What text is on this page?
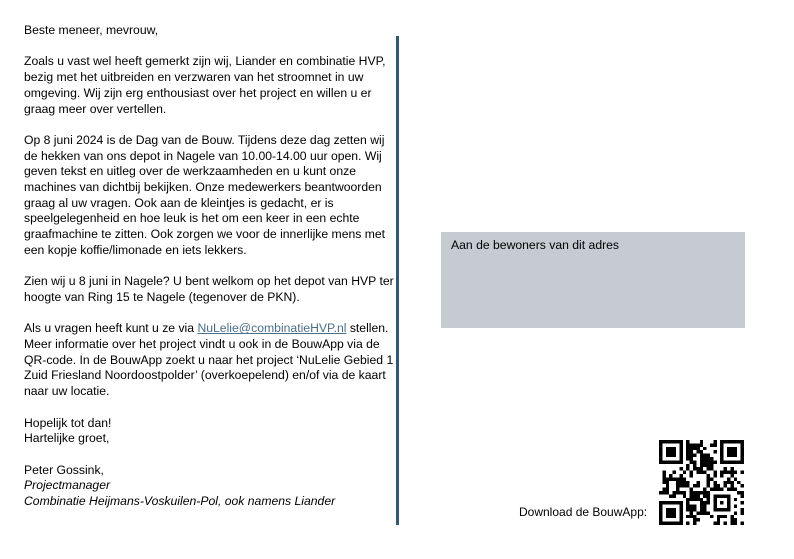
Beste meneer, mevrouw,

Zoals u vast wel heeft gemerkt zijn wij, Liander en combinatie HVP, bezig met het uitbreiden en verzwaren van het stroomnet in uw omgeving. Wij zijn erg enthousiast over het project en willen u er graag meer over vertellen.

Op 8 juni 2024 is de Dag van de Bouw. Tijdens deze dag zetten wij de hekken van ons depot in Nagele van 10.00-14.00 uur open. Wij geven tekst en uitleg over de werkzaamheden en u kunt onze machines van dichtbij bekijken. Onze medewerkers beantwoorden graag al uw vragen. Ook aan de kleintjes is gedacht, er is speelgelegenheid en hoe leuk is het om een keer in een echte graafmachine te zitten. Ook zorgen we voor de innerlijke mens met een kopje koffie/limonade en iets lekkers.

Zien wij u 8 juni in Nagele? U bent welkom op het depot van HVP ter hoogte van Ring 15 te Nagele (tegenover de PKN).

Als u vragen heeft kunt u ze via NuLelie@combinatieHVP.nl stellen. Meer informatie over het project vindt u ook in de BouwApp via de QR-code. In de BouwApp zoekt u naar het project ‘NuLelie Gebied 1 Zuid Friesland Noordoostpolder’ (overkoepelend) en/of via de kaart naar uw locatie.

Hopelijk tot dan!

Hartelijke groet,

Peter Gossink,

Projectmanager

Combinatie Heijmans-Voskuilen-Pol, ook namens Liander

Aan de bewoners van dit adres
Download de BouwApp:
